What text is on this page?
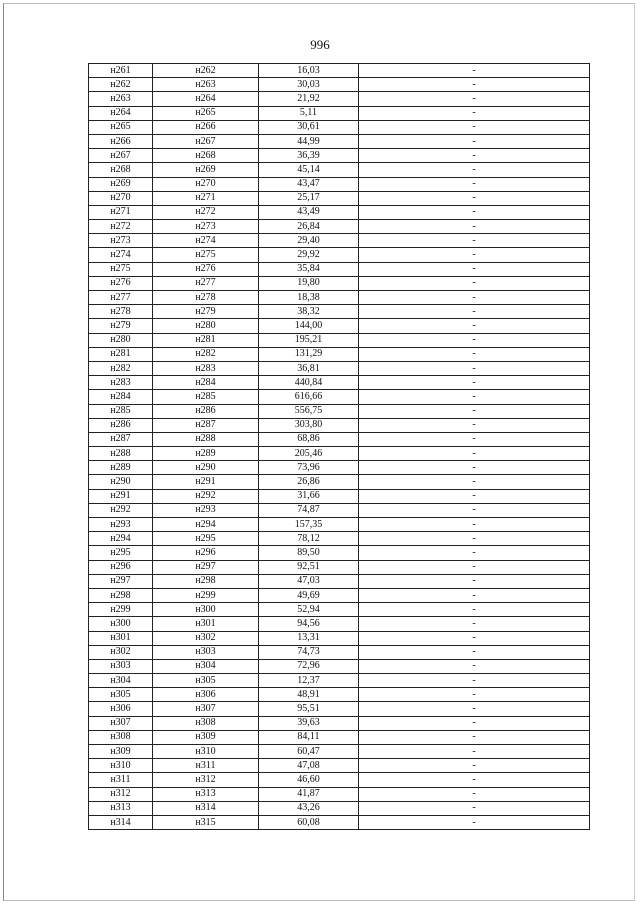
996
н261	н262	16,03	-
н262	н263	30,03	-
н263	н264	21,92	-
н264	н265	5,11	-
н265	н266	30,61	-
н266	н267	44,99	-
н267	н268	36,39	-
н268	н269	45,14	-
н269	н270	43,47	-
н270	н271	25,17	-
н271	н272	43,49	-
н272	н273	26,84	-
н273	н274	29,40	-
н274	н275	29,92	-
н275	н276	35,84	-
н276	н277	19,80	-
н277	н278	18,38	-
н278	н279	38,32	-
н279	н280	144,00	-
н280	н281	195,21	-
н281	н282	131,29	-
н282	н283	36,81	-
н283	н284	440,84	-
н284	н285	616,66	-
н285	н286	556,75	-
н286	н287	303,80	-
н287	н288	68,86	-
н288	н289	205,46	-
н289	н290	73,96	-
н290	н291	26,86	-
н291	н292	31,66	-
н292	н293	74,87	-
н293	н294	157,35	-
н294	н295	78,12	-
н295	н296	89,50	-
н296	н297	92,51	-
н297	н298	47,03	-
н298	н299	49,69	-
н299	н300	52,94	-
н300	н301	94,56	-
н301	н302	13,31	-
н302	н303	74,73	-
н303	н304	72,96	-
н304	н305	12,37	-
н305	н306	48,91	-
н306	н307	95,51	-
н307	н308	39,63	-
н308	н309	84,11	-
н309	н310	60,47	-
н310	н311	47,08	-
н311	н312	46,60	-
н312	н313	41,87	-
н313	н314	43,26	-
н314	н315	60,08	-
